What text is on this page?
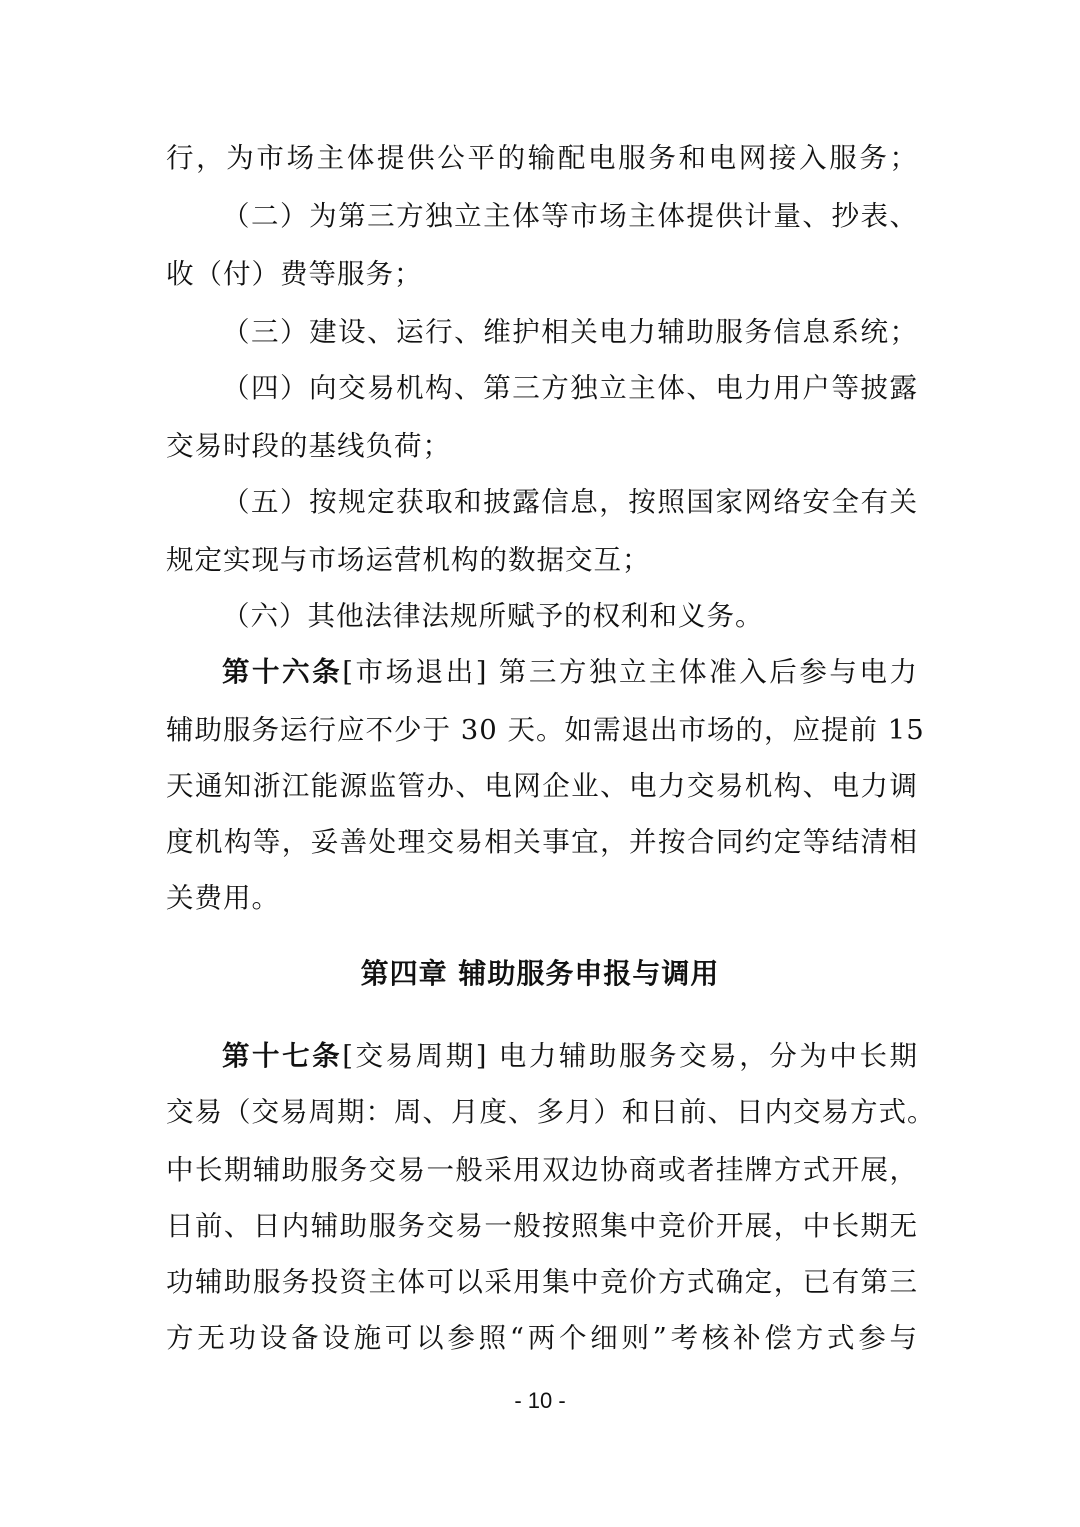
行，为市场主体提供公平的输配电服务和电网接入服务；
（二）为第三方独立主体等市场主体提供计量、抄表、
收（付）费等服务；
（三）建设、运行、维护相关电力辅助服务信息系统；
（四）向交易机构、第三方独立主体、电力用户等披露
交易时段的基线负荷；
（五）按规定获取和披露信息，按照国家网络安全有关
规定实现与市场运营机构的数据交互；
（六）其他法律法规所赋予的权利和义务。
第十六条[市场退出] 第三方独立主体准入后参与电力
辅助服务运行应不少于 30 天。如需退出市场的，应提前 15
天通知浙江能源监管办、电网企业、电力交易机构、电力调
度机构等，妥善处理交易相关事宜，并按合同约定等结清相
关费用。
第四章 辅助服务申报与调用
第十七条[交易周期] 电力辅助服务交易，分为中长期
交易（交易周期：周、月度、多月）和日前、日内交易方式。
中长期辅助服务交易一般采用双边协商或者挂牌方式开展，
日前、日内辅助服务交易一般按照集中竞价开展，中长期无
功辅助服务投资主体可以采用集中竞价方式确定，已有第三
方无功设备设施可以参照“两个细则”考核补偿方式参与
- 10 -
